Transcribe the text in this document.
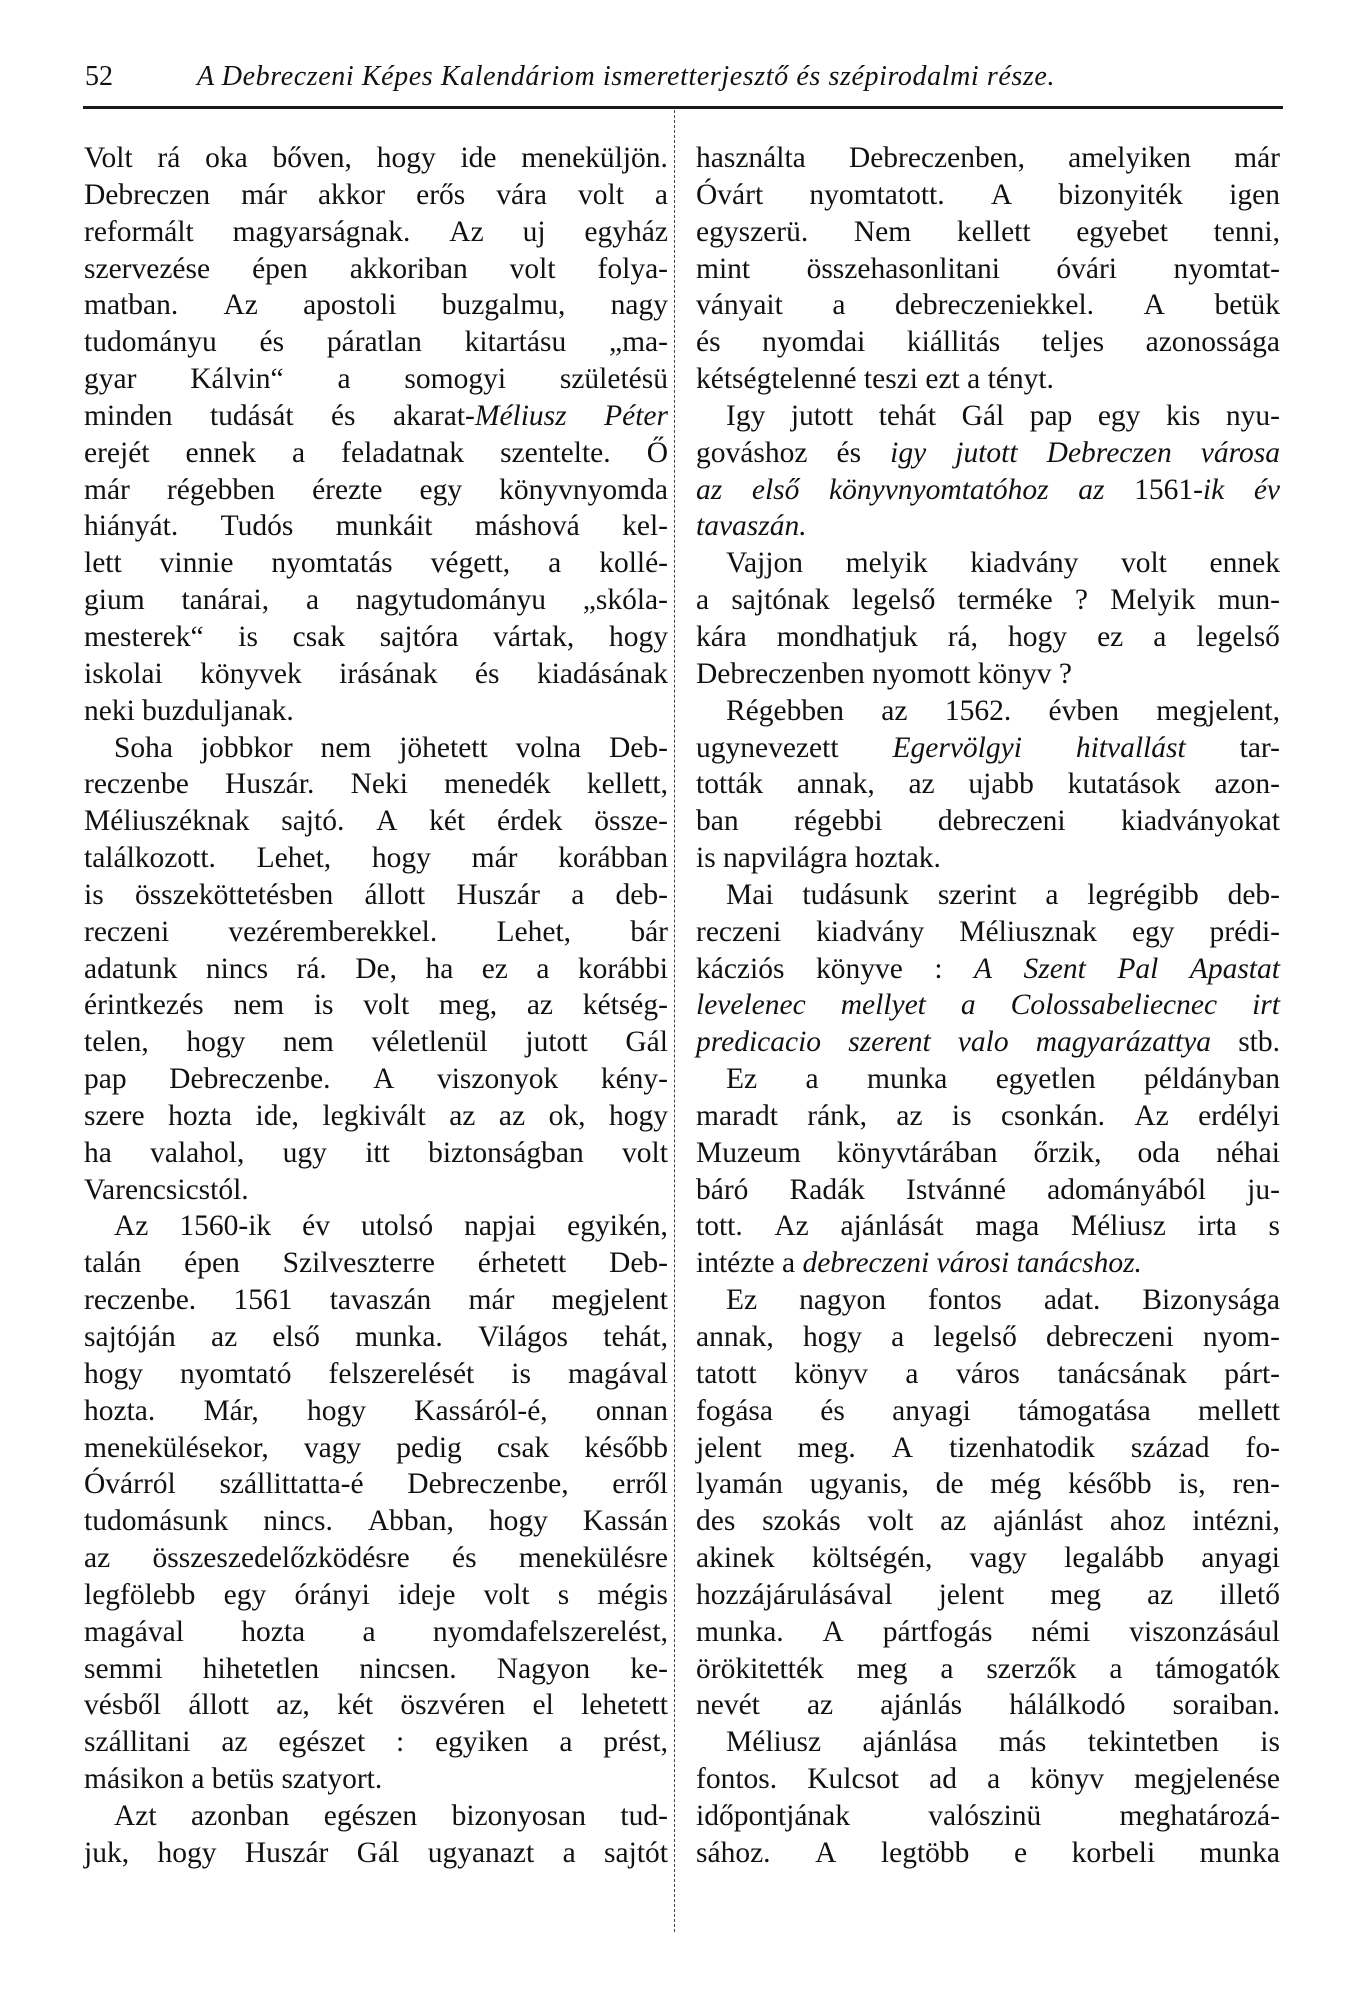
52	A Debreczeni Képes Kalendáriom ismeretterjesztő és szépirodalmi része.
Volt rá oka bőven, hogy ide meneküljön.
Debreczen már akkor erős vára volt a
reformált magyarságnak. Az uj egyház
szervezése épen akkoriban volt folya-
matban. Az apostoli buzgalmu, nagy
tudományu és páratlan kitartásu „ma-
gyar Kálvin“ a somogyi születésü
minden tudását és akarat-Méliusz Péter
erejét ennek a feladatnak szentelte. Ő
már régebben érezte egy könyvnyomda
hiányát. Tudós munkáit máshová kel-
lett vinnie nyomtatás végett, a kollé-
gium tanárai, a nagytudományu „skóla-
mesterek“ is csak sajtóra vártak, hogy
iskolai könyvek irásának és kiadásának
neki buzduljanak.
Soha jobbkor nem jöhetett volna Deb-
reczenbe Huszár. Neki menedék kellett,
Méliuszéknak sajtó. A két érdek össze-
találkozott. Lehet, hogy már korábban
is összeköttetésben állott Huszár a deb-
reczeni vezéremberekkel. Lehet, bár
adatunk nincs rá. De, ha ez a korábbi
érintkezés nem is volt meg, az kétség-
telen, hogy nem véletlenül jutott Gál
pap Debreczenbe. A viszonyok kény-
szere hozta ide, legkivált az az ok, hogy
ha valahol, ugy itt biztonságban volt
Varencsicstól.
Az 1560-ik év utolsó napjai egyikén,
talán épen Szilveszterre érhetett Deb-
reczenbe. 1561 tavaszán már megjelent
sajtóján az első munka. Világos tehát,
hogy nyomtató felszerelését is magával
hozta. Már, hogy Kassáról-é, onnan
menekülésekor, vagy pedig csak később
Óvárról szállittatta-é Debreczenbe, erről
tudomásunk nincs. Abban, hogy Kassán
az összeszedelőzködésre és menekülésre
legfölebb egy órányi ideje volt s mégis
magával hozta a nyomdafelszerelést,
semmi hihetetlen nincsen. Nagyon ke-
vésből állott az, két öszvéren el lehetett
szállitani az egészet : egyiken a prést,
másikon a betüs szatyort.
Azt azonban egészen bizonyosan tud-
juk, hogy Huszár Gál ugyanazt a sajtót
használta Debreczenben, amelyiken már
Óvárt nyomtatott. A bizonyiték igen
egyszerü. Nem kellett egyebet tenni,
mint összehasonlitani óvári nyomtat-
ványait a debreczeniekkel. A betük
és nyomdai kiállitás teljes azonossága
kétségtelenné teszi ezt a tényt.
Igy jutott tehát Gál pap egy kis nyu-
gováshoz és igy jutott Debreczen városa
az első könyvnyomtatóhoz az 1561-ik év
tavaszán.
Vajjon melyik kiadvány volt ennek
a sajtónak legelső terméke ? Melyik mun-
kára mondhatjuk rá, hogy ez a legelső
Debreczenben nyomott könyv ?
Régebben az 1562. évben megjelent,
ugynevezett Egervölgyi hitvallást tar-
tották annak, az ujabb kutatások azon-
ban régebbi debreczeni kiadványokat
is napvilágra hoztak.
Mai tudásunk szerint a legrégibb deb-
reczeni kiadvány Méliusznak egy prédi-
kácziós könyve : A Szent Pal Apastat
levelenec mellyet a Colossabeliecnec irt
predicacio szerent valo magyarázattya stb.
Ez a munka egyetlen példányban
maradt ránk, az is csonkán. Az erdélyi
Muzeum könyvtárában őrzik, oda néhai
báró Radák Istvánné adományából ju-
tott. Az ajánlását maga Méliusz irta s
intézte a debreczeni városi tanácshoz.
Ez nagyon fontos adat. Bizonysága
annak, hogy a legelső debreczeni nyom-
tatott könyv a város tanácsának párt-
fogása és anyagi támogatása mellett
jelent meg. A tizenhatodik század fo-
lyamán ugyanis, de még később is, ren-
des szokás volt az ajánlást ahoz intézni,
akinek költségén, vagy legalább anyagi
hozzájárulásával jelent meg az illető
munka. A pártfogás némi viszonzásául
örökitették meg a szerzők a támogatók
nevét az ajánlás hálálkodó soraiban.
Méliusz ajánlása más tekintetben is
fontos. Kulcsot ad a könyv megjelenése
időpontjának	valószinü	meghatározá-
sához. A legtöbb e korbeli munka
